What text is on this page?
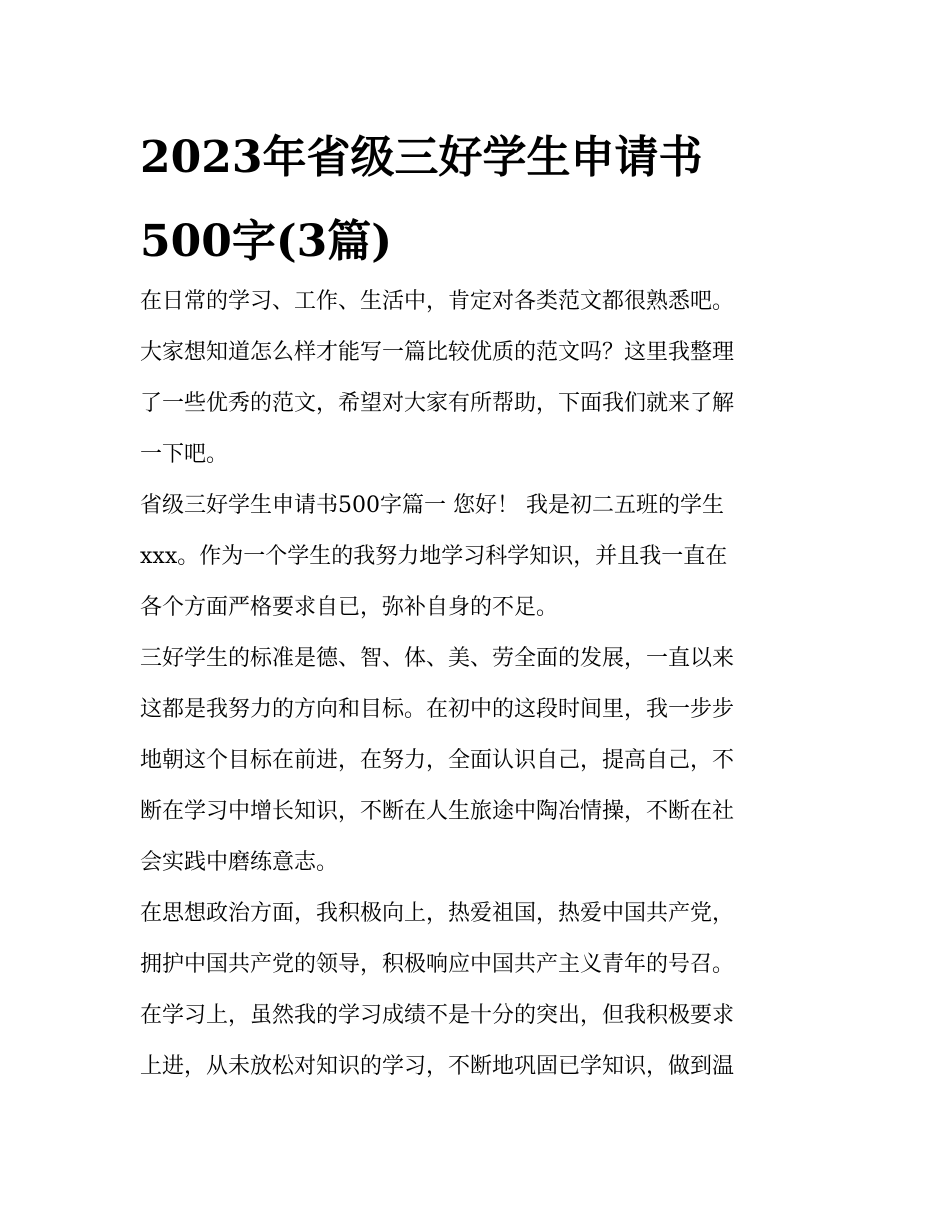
2023年省级三好学生申请书
500字(3篇)

在日常的学习、工作、生活中，肯定对各类范文都很熟悉吧。
大家想知道怎么样才能写一篇比较优质的范文吗？这里我整理
了一些优秀的范文，希望对大家有所帮助，下面我们就来了解
一下吧。

省级三好学生申请书500字篇一 您好！ 我是初二五班的学生
xxx。作为一个学生的我努力地学习科学知识，并且我一直在
各个方面严格要求自已，弥补自身的不足。

三好学生的标准是德、智、体、美、劳全面的发展，一直以来
这都是我努力的方向和目标。在初中的这段时间里，我一步步
地朝这个目标在前进，在努力，全面认识自己，提高自己，不
断在学习中增长知识，不断在人生旅途中陶冶情操，不断在社
会实践中磨练意志。

在思想政治方面，我积极向上，热爱祖国，热爱中国共产党，
拥护中国共产党的领导，积极响应中国共产主义青年的号召。

在学习上，虽然我的学习成绩不是十分的突出，但我积极要求
上进，从未放松对知识的学习，不断地巩固已学知识，做到温
